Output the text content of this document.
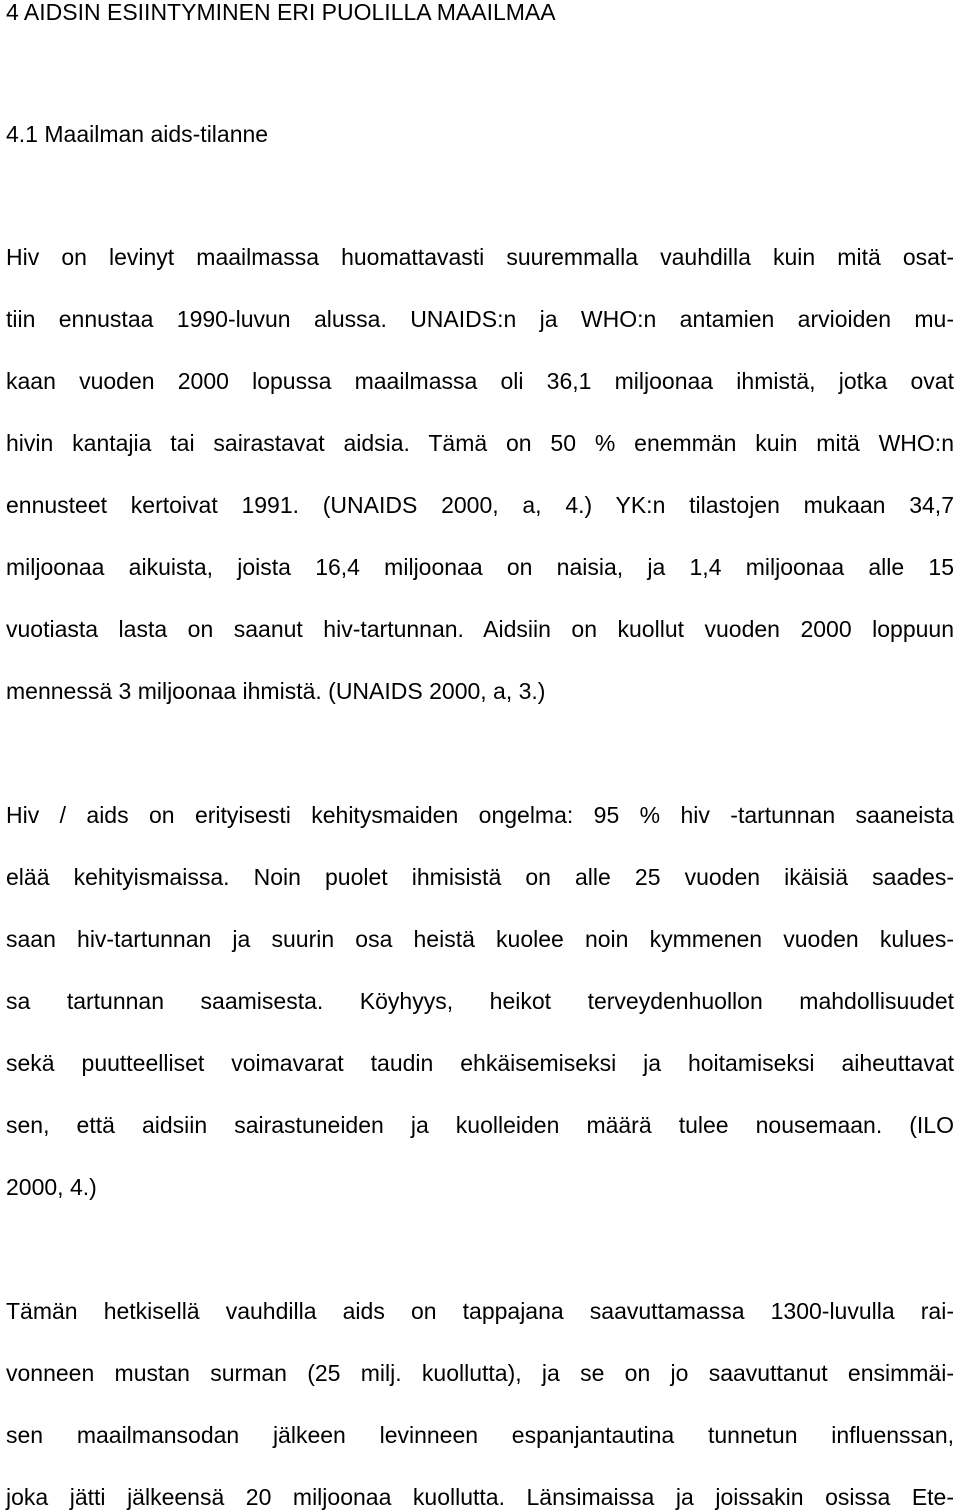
4 AIDSIN ESIINTYMINEN ERI PUOLILLA MAAILMAA
4.1 Maailman aids-tilanne
Hiv on levinyt maailmassa huomattavasti suuremmalla vauhdilla kuin mitä osat-
tiin ennustaa 1990-luvun alussa. UNAIDS:n ja WHO:n antamien arvioiden mu-
kaan vuoden 2000 lopussa maailmassa oli 36,1 miljoonaa ihmistä, jotka ovat
hivin kantajia tai sairastavat aidsia. Tämä on 50 % enemmän kuin mitä WHO:n
ennusteet kertoivat 1991. (UNAIDS 2000, a, 4.) YK:n tilastojen mukaan 34,7
miljoonaa aikuista, joista 16,4 miljoonaa on naisia, ja 1,4 miljoonaa alle 15
vuotiasta lasta on saanut hiv-tartunnan. Aidsiin on kuollut vuoden 2000 loppuun
mennessä 3 miljoonaa ihmistä. (UNAIDS 2000, a, 3.)
Hiv / aids on erityisesti kehitysmaiden ongelma: 95 % hiv -tartunnan saaneista
elää kehityismaissa. Noin puolet ihmisistä on alle 25 vuoden ikäisiä saades-
saan hiv-tartunnan ja suurin osa heistä kuolee noin kymmenen vuoden kulues-
sa tartunnan saamisesta. Köyhyys, heikot terveydenhuollon mahdollisuudet
sekä puutteelliset voimavarat taudin ehkäisemiseksi ja hoitamiseksi aiheuttavat
sen, että aidsiin sairastuneiden ja kuolleiden määrä tulee nousemaan. (ILO
2000, 4.)
Tämän hetkisellä vauhdilla aids on tappajana saavuttamassa 1300-luvulla rai-
vonneen mustan surman (25 milj. kuollutta), ja se on jo saavuttanut ensimmäi-
sen maailmansodan jälkeen levinneen espanjantautina tunnetun influenssan,
joka jätti jälkeensä 20 miljoonaa kuollutta. Länsimaissa ja joissakin osissa Ete-
